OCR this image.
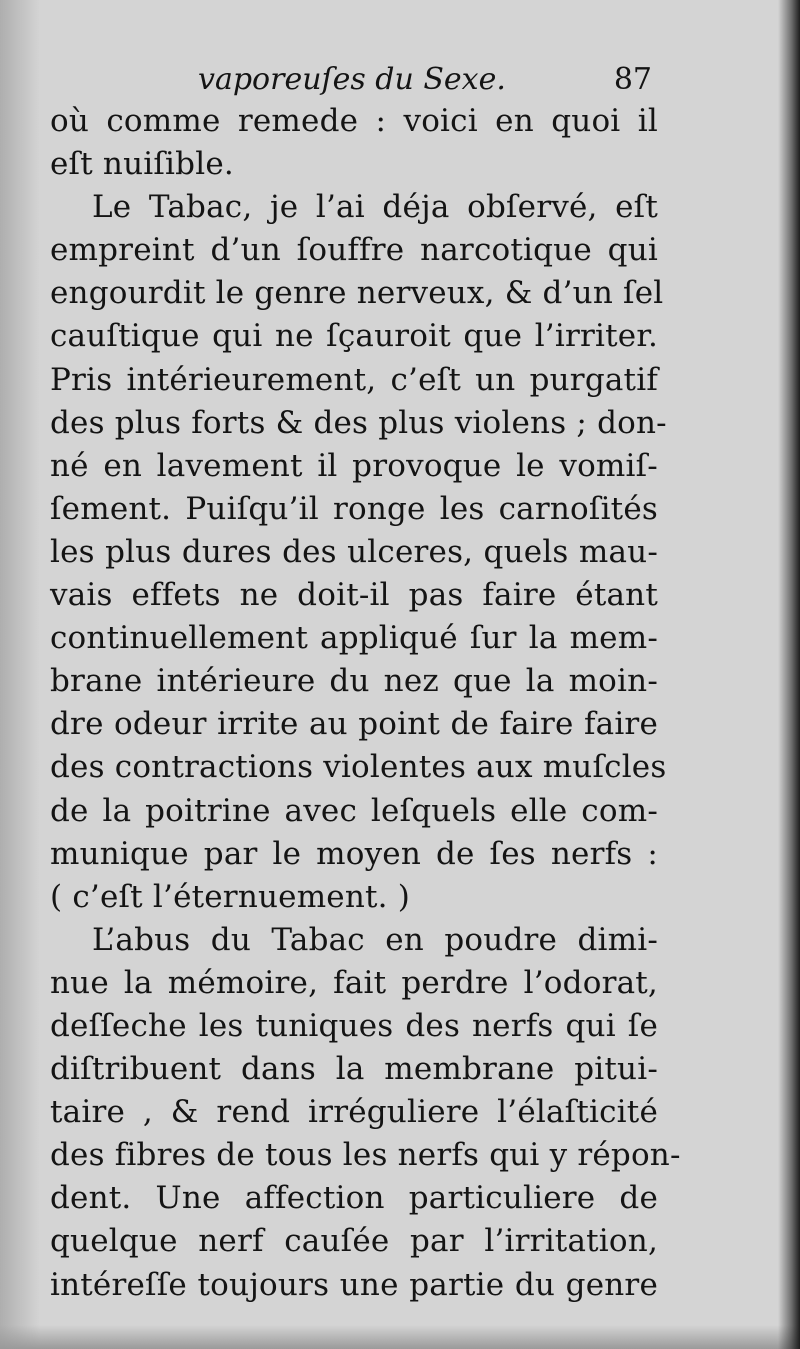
vaporeuſes du Sexe.	87
où comme remede : voici en quoi il
eſt nuiſible.
Le Tabac, je l’ai déja obſervé, eſt
empreint d’un ſouffre narcotique qui
engourdit le genre nerveux, & d’un ſel
cauſtique qui ne ſçauroit que l’irriter.
Pris intérieurement, c’eſt un purgatif
des plus forts & des plus violens ; don-
né en lavement il provoque le vomiſ-
ſement. Puiſqu’il ronge les carnoſités
les plus dures des ulceres, quels mau-
vais effets ne doit-il pas faire étant
continuellement appliqué ſur la mem-
brane intérieure du nez que la moin-
dre odeur irrite au point de faire faire
des contractions violentes aux muſcles
de la poitrine avec leſquels elle com-
munique par le moyen de ſes nerfs :
( c’eſt l’éternuement. )
L’abus du Tabac en poudre dimi-
nue la mémoire, fait perdre l’odorat,
deſſeche les tuniques des nerfs qui ſe
diſtribuent dans la membrane pitui-
taire , & rend irréguliere l’élaſticité
des fibres de tous les nerfs qui y répon-
dent. Une affection particuliere de
quelque nerf cauſée par l’irritation,
intéreſſe toujours une partie du genre
